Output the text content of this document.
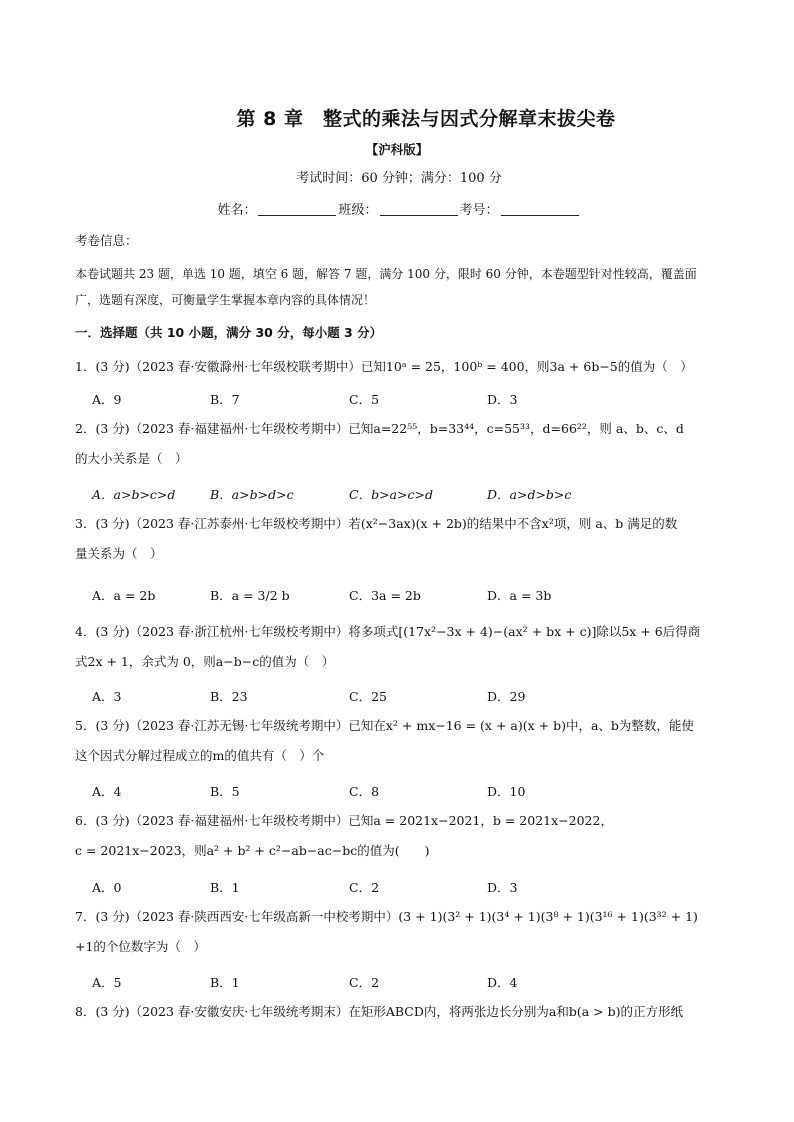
第 8 章　整式的乘法与因式分解章末拔尖卷
【沪科版】
考试时间：60 分钟；满分：100 分
姓名：	班级：	考号：
考卷信息：
本卷试题共 23 题，单选 10 题，填空 6 题，解答 7 题，满分 100 分，限时 60 分钟，本卷题型针对性较高，覆盖面广，选题有深度，可衡量学生掌握本章内容的具体情况！
一．选择题（共 10 小题，满分 30 分，每小题 3 分）
1．(3 分)（2023 春·安徽滁州·七年级校联考期中）已知10ᵃ = 25，100ᵇ = 400，则3a + 6b−5的值为（　）
A．9	B．7	C．5	D．3
2．(3 分)（2023 春·福建福州·七年级校考期中）已知a=22⁵⁵，b=33⁴⁴，c=55³³，d=66²²，则 a、b、c、d
的大小关系是（　）
A．a>b>c>d	B．a>b>d>c	C．b>a>c>d	D．a>d>b>c
3．(3 分)（2023 春·江苏泰州·七年级校考期中）若(x²−3ax)(x + 2b)的结果中不含x²项，则 a、b 满足的数
量关系为（　）
A．a = 2b	B．a = 3/2 b	C．3a = 2b	D．a = 3b
4．(3 分)（2023 春·浙江杭州·七年级校考期中）将多项式[(17x²−3x + 4)−(ax² + bx + c)]除以5x + 6后得商
式2x + 1，余式为 0，则a−b−c的值为（　）
A．3	B．23	C．25	D．29
5．(3 分)（2023 春·江苏无锡·七年级统考期中）已知在x² + mx−16 = (x + a)(x + b)中，a、b为整数，能使
这个因式分解过程成立的m的值共有（　）个
A．4	B．5	C．8	D．10
6．(3 分)（2023 春·福建福州·七年级校考期中）已知a = 2021x−2021，b = 2021x−2022，
c = 2021x−2023，则a² + b² + c²−ab−ac−bc的值为(　　)
A．0	B．1	C．2	D．3
7．(3 分)（2023 春·陕西西安·七年级高新一中校考期中）(3 + 1)(3² + 1)(3⁴ + 1)(3⁸ + 1)(3¹⁶ + 1)(3³² + 1)
+1的个位数字为（　）
A．5	B．1	C．2	D．4
8．(3 分)（2023 春·安徽安庆·七年级统考期末）在矩形ABCD内，将两张边长分别为a和b(a > b)的正方形纸
